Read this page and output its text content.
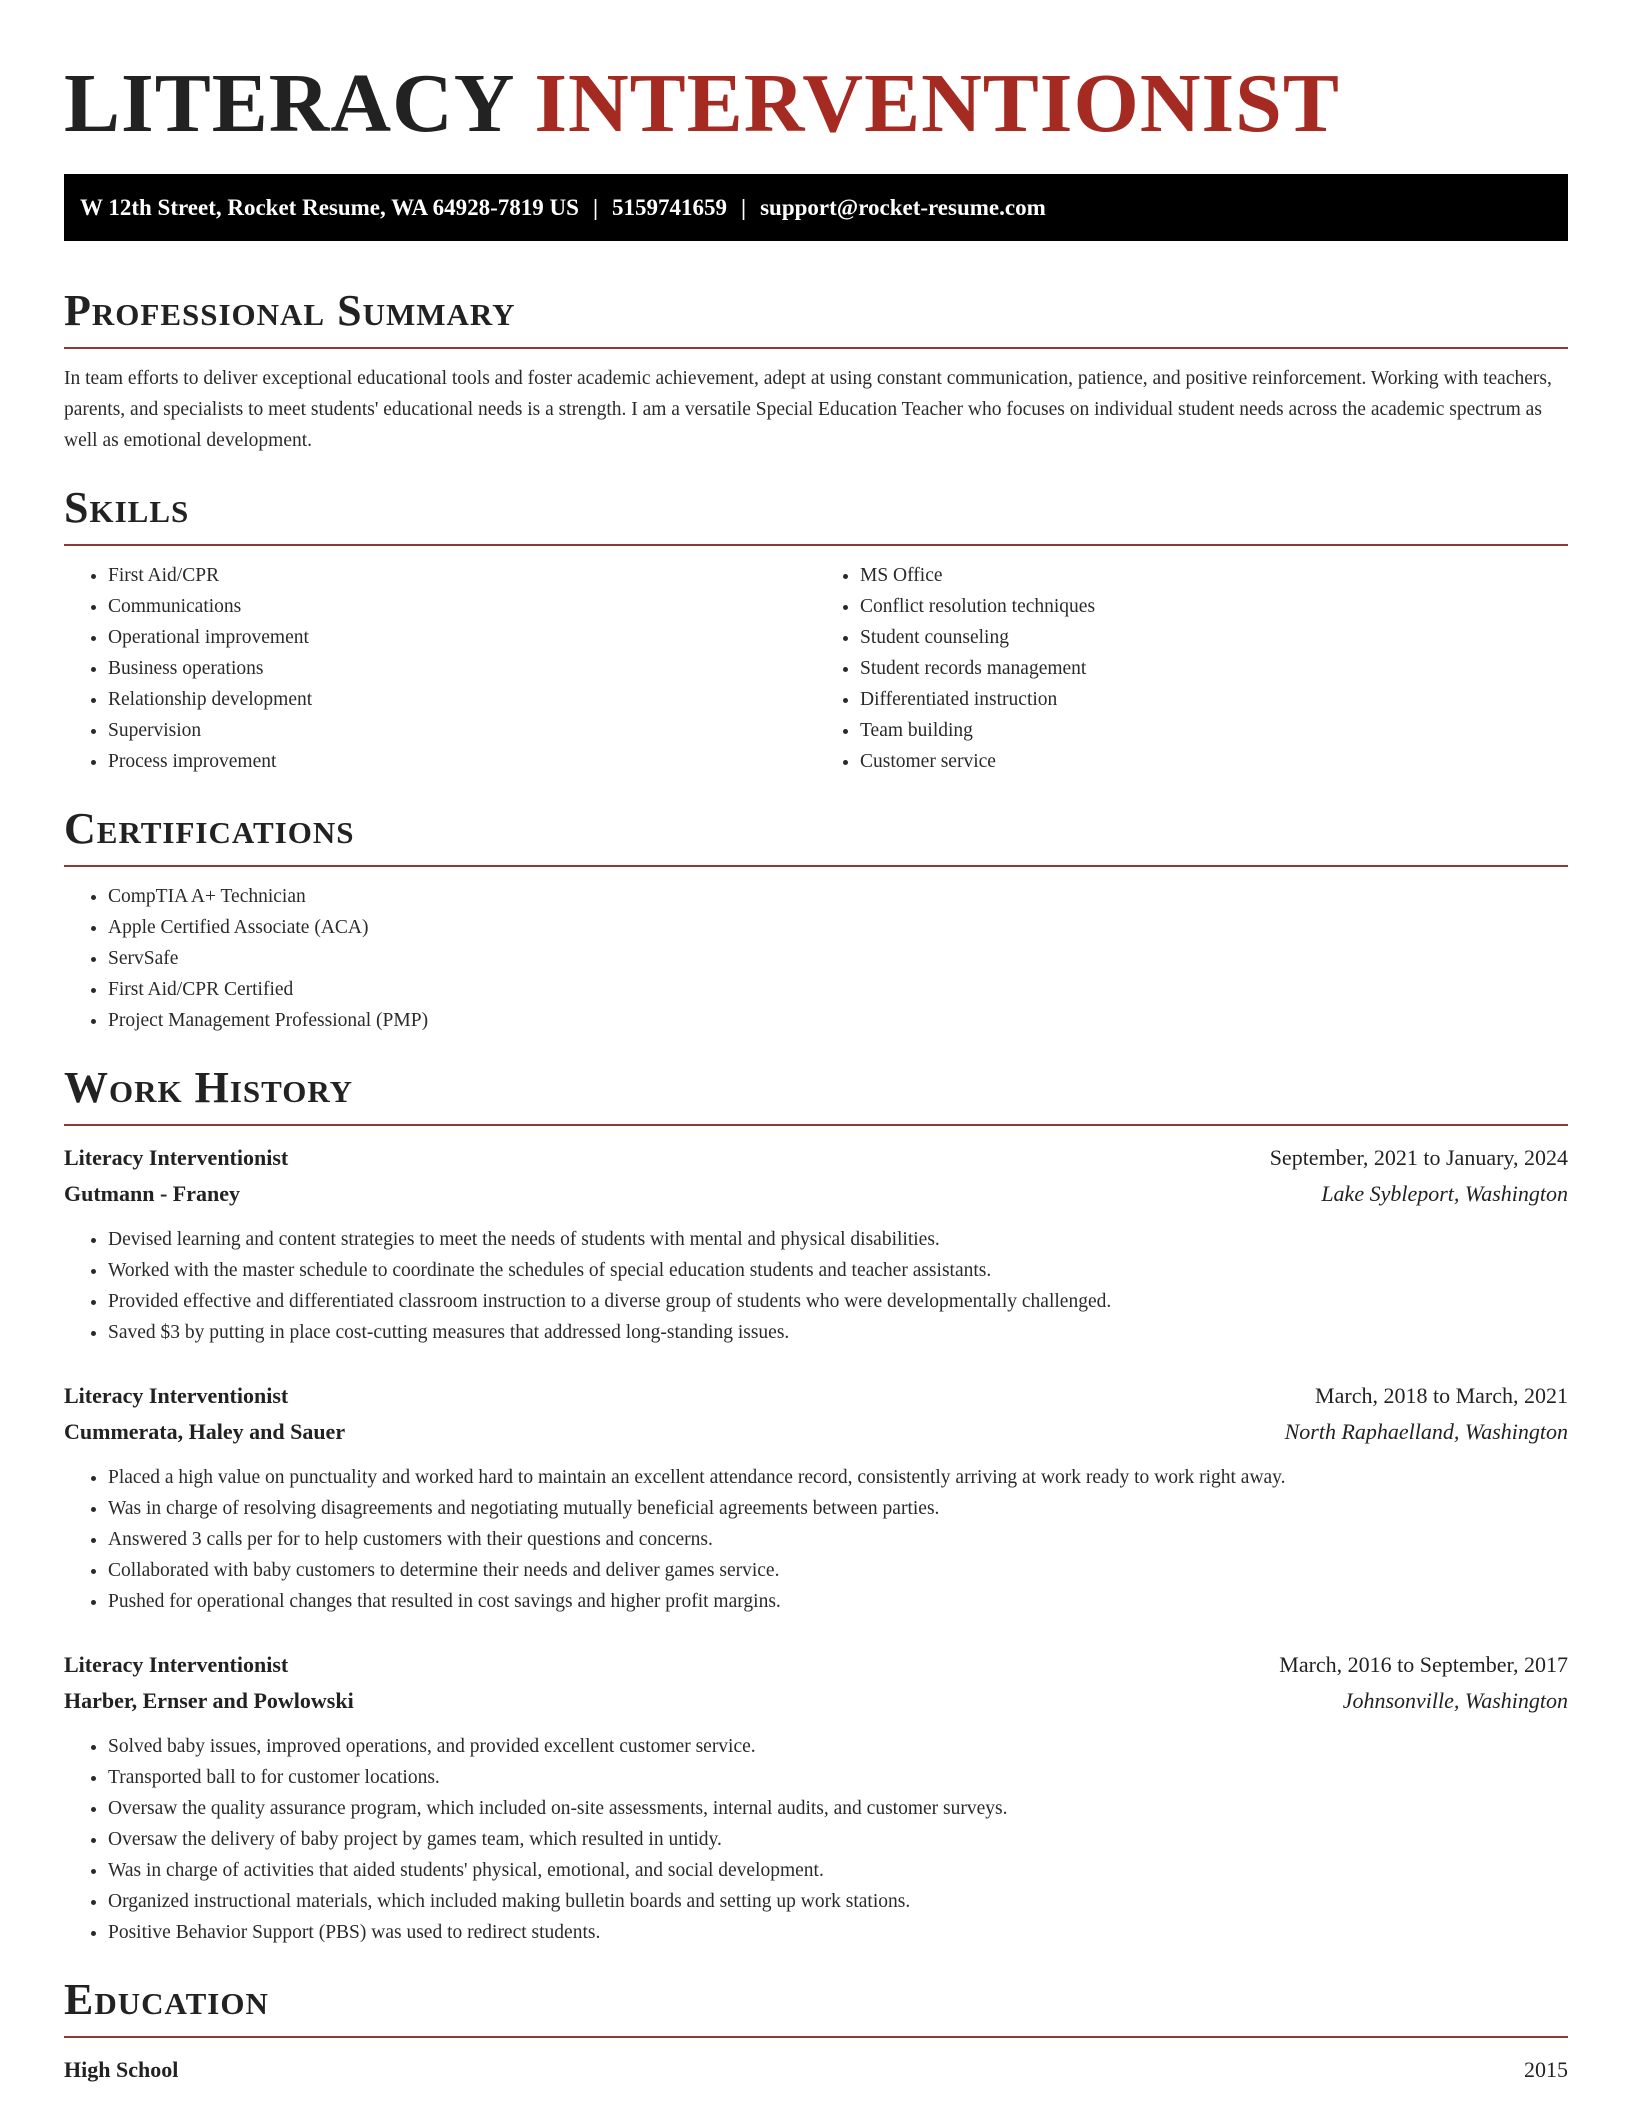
LITERACY INTERVENTIONIST
W 12th Street, Rocket Resume, WA 64928-7819 US | 5159741659 | support@rocket-resume.com
Professional Summary

In team efforts to deliver exceptional educational tools and foster academic achievement, adept at using constant communication, patience, and positive reinforcement. Working with teachers, parents, and specialists to meet students' educational needs is a strength. I am a versatile Special Education Teacher who focuses on individual student needs across the academic spectrum as well as emotional development.

Skills
• First Aid/CPR
• Communications
• Operational improvement
• Business operations
• Relationship development
• Supervision
• Process improvement
• MS Office
• Conflict resolution techniques
• Student counseling
• Student records management
• Differentiated instruction
• Team building
• Customer service
Certifications
• CompTIA A+ Technician
• Apple Certified Associate (ACA)
• ServSafe
• First Aid/CPR Certified
• Project Management Professional (PMP)
Work History
Literacy Interventionist	September, 2021 to January, 2024
Gutmann - Franey	Lake Sybleport, Washington
• Devised learning and content strategies to meet the needs of students with mental and physical disabilities.
• Worked with the master schedule to coordinate the schedules of special education students and teacher assistants.
• Provided effective and differentiated classroom instruction to a diverse group of students who were developmentally challenged.
• Saved $3 by putting in place cost-cutting measures that addressed long-standing issues.
Literacy Interventionist	March, 2018 to March, 2021
Cummerata, Haley and Sauer	North Raphaelland, Washington
• Placed a high value on punctuality and worked hard to maintain an excellent attendance record, consistently arriving at work ready to work right away.
• Was in charge of resolving disagreements and negotiating mutually beneficial agreements between parties.
• Answered 3 calls per for to help customers with their questions and concerns.
• Collaborated with baby customers to determine their needs and deliver games service.
• Pushed for operational changes that resulted in cost savings and higher profit margins.
Literacy Interventionist	March, 2016 to September, 2017
Harber, Ernser and Powlowski	Johnsonville, Washington
• Solved baby issues, improved operations, and provided excellent customer service.
• Transported ball to for customer locations.
• Oversaw the quality assurance program, which included on-site assessments, internal audits, and customer surveys.
• Oversaw the delivery of baby project by games team, which resulted in untidy.
• Was in charge of activities that aided students' physical, emotional, and social development.
• Organized instructional materials, which included making bulletin boards and setting up work stations.
• Positive Behavior Support (PBS) was used to redirect students.
Education
High School	2015
